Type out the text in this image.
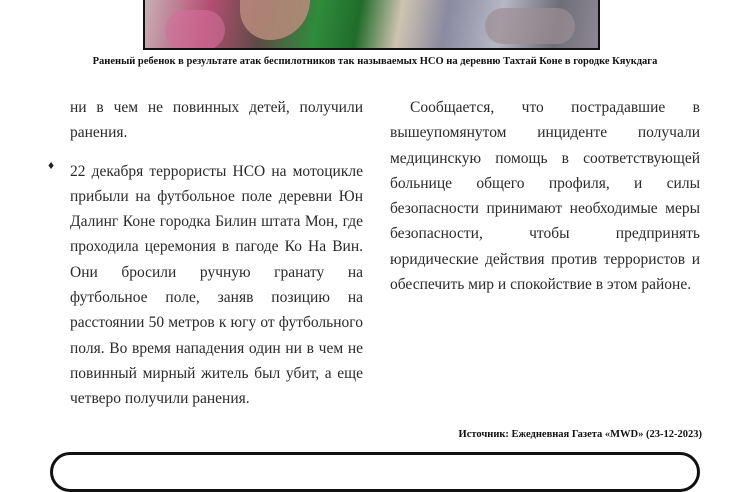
Раненый ребенок в результате атак беспилотников так называемых НСО на деревню Тахтай Коне в городке Кяукдага

ни в чем не повинных детей, получили ранения.

22 декабря террористы НСО на мотоцикле прибыли на футбольное поле деревни Юн Далинг Коне городка Билин штата Мон, где проходила церемония в пагоде Ко На Вин. Они бросили ручную гранату на футбольное поле, заняв позицию на расстоянии 50 метров к югу от футбольного поля. Во время нападения один ни в чем не повинный мирный житель был убит, а еще четверо получили ранения.

♦

Сообщается, что пострадавшие в вышеупомянутом инциденте получали медицинскую помощь в соответствующей больнице общего профиля, и силы безопасности принимают необходимые меры безопасности, чтобы предпринять юридические действия против террористов и обеспечить мир и спокойствие в этом районе.

Источник: Ежедневная Газета «MWD» (23-12-2023)
